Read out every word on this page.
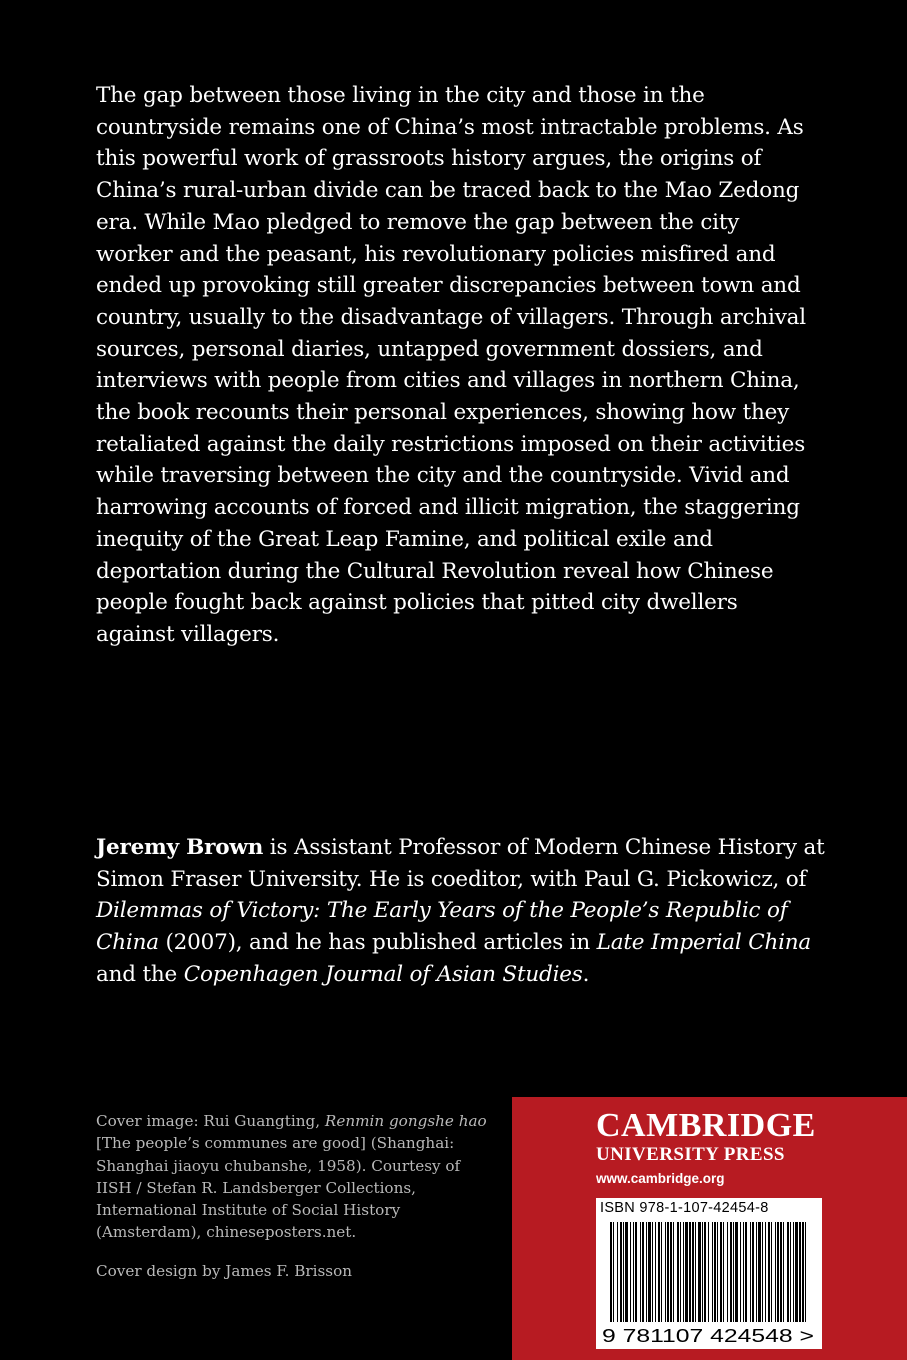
The gap between those living in the city and those in the countryside remains one of China’s most intractable problems. As this powerful work of grassroots history argues, the origins of China’s rural-urban divide can be traced back to the Mao Zedong era. While Mao pledged to remove the gap between the city worker and the peasant, his revolutionary policies misfired and ended up provoking still greater discrepancies between town and country, usually to the disadvantage of villagers. Through archival sources, personal diaries, untapped government dossiers, and interviews with people from cities and villages in northern China, the book recounts their personal experiences, showing how they retaliated against the daily restrictions imposed on their activities while traversing between the city and the countryside. Vivid and harrowing accounts of forced and illicit migration, the staggering inequity of the Great Leap Famine, and political exile and deportation during the Cultural Revolution reveal how Chinese people fought back against policies that pitted city dwellers against villagers.

Jeremy Brown is Assistant Professor of Modern Chinese History at Simon Fraser University. He is coeditor, with Paul G. Pickowicz, of Dilemmas of Victory: The Early Years of the People’s Republic of China (2007), and he has published articles in Late Imperial China and the Copenhagen Journal of Asian Studies.

Cover image: Rui Guangting, Renmin gongshe hao [The people’s communes are good] (Shanghai: Shanghai jiaoyu chubanshe, 1958). Courtesy of IISH / Stefan R. Landsberger Collections, International Institute of Social History (Amsterdam), chineseposters.net.

Cover design by James F. Brisson
CAMBRIDGE
UNIVERSITY PRESS
www.cambridge.org
ISBN 978-1-107-42454-8
9 781107 424548 >
